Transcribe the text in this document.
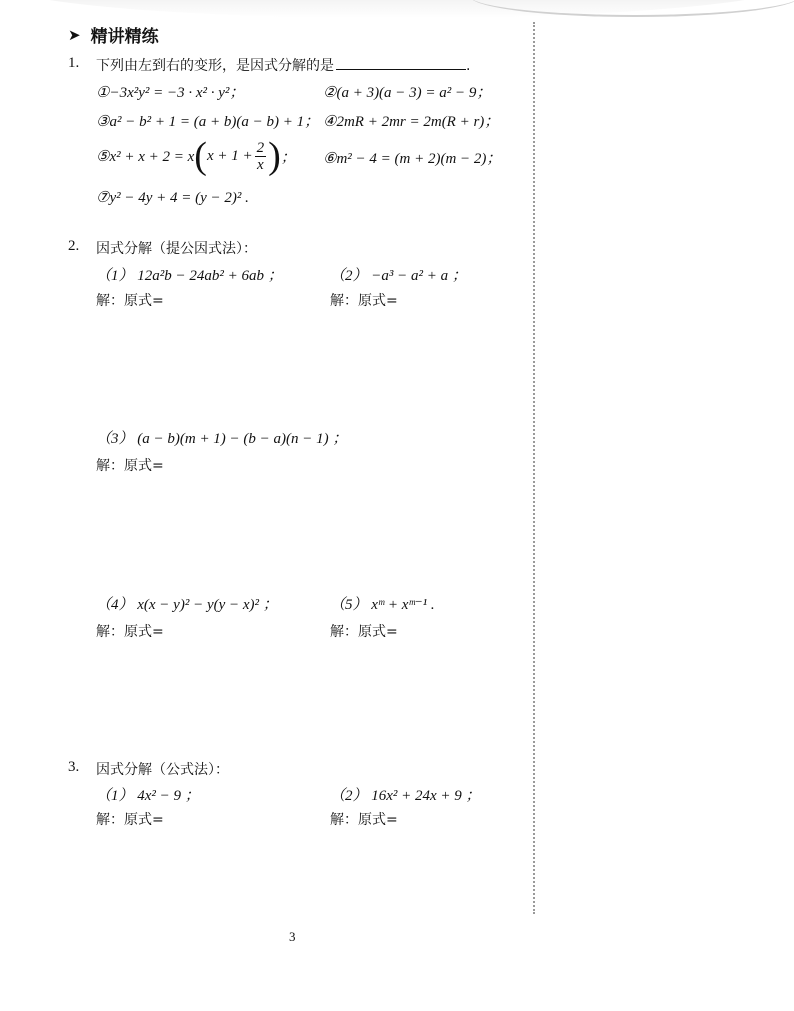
➤ 精讲精练
1. 下列由左到右的变形，是因式分解的是	.
①−3x²y² = −3 · x² · y²；	②(a + 3)(a − 3) = a² − 9；
③a² − b² + 1 = (a + b)(a − b) + 1； ④2mR + 2mr = 2m(R + r)；
⑤x² + x + 2 = x ( $x + 1 + \frac{2}{x}$ ) ； ⑥m² − 4 = (m + 2)(m − 2)；
⑦y² − 4y + 4 = (y − 2)² .
2. 因式分解（提公因式法）：
（1） 12a²b − 24ab² + 6ab ；	（2） −a³ − a² + a ；
解：原式=	解：原式=
（3） (a − b)(m + 1) − (b − a)(n − 1) ；
解：原式=
（4） x(x − y)² − y(y − x)² ；	（5） xᵐ + xᵐ⁻¹ .
解：原式=	解：原式=
3. 因式分解（公式法）：
（1） 4x² − 9 ；	（2） 16x² + 24x + 9 ；
解：原式=	解：原式=
3
